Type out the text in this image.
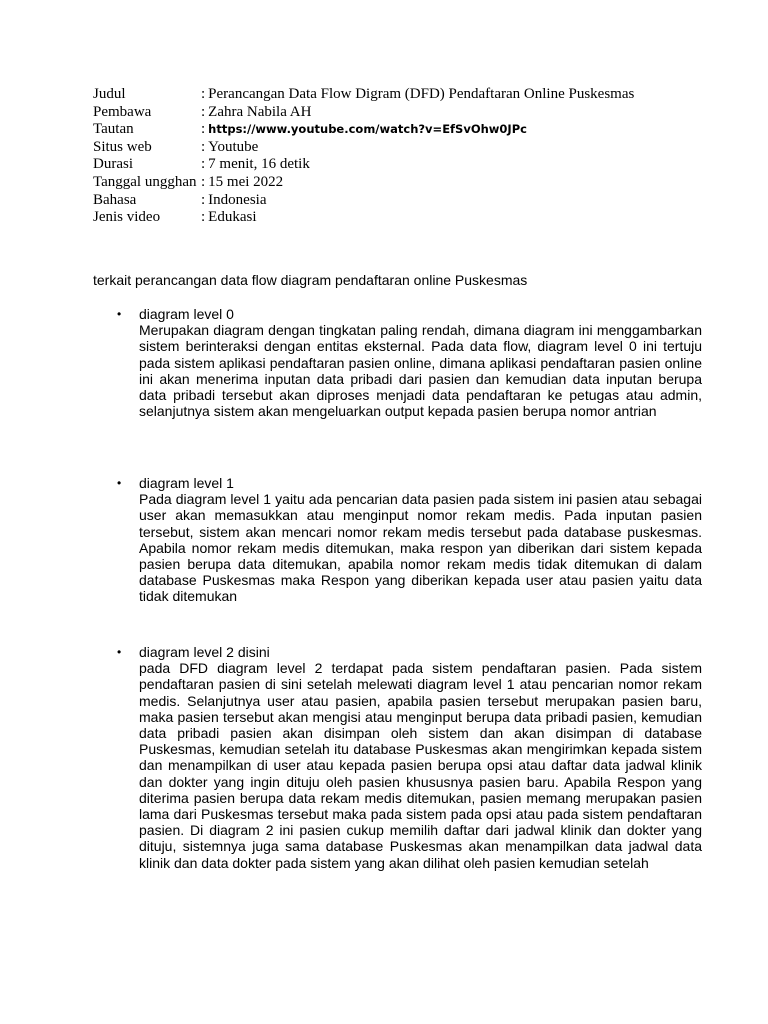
Judul	: Perancangan Data Flow Digram (DFD) Pendaftaran Online Puskesmas
Pembawa	: Zahra Nabila AH
Tautan	: https://www.youtube.com/watch?v=EfSvOhw0JPc
Situs web	: Youtube
Durasi	: 7 menit, 16 detik
Tanggal ungghan : 15 mei 2022
Bahasa	: Indonesia
Jenis video	: Edukasi
terkait perancangan data flow diagram pendaftaran online Puskesmas
• diagram level 0
Merupakan diagram dengan tingkatan paling rendah, dimana diagram ini menggambarkan sistem berinteraksi dengan entitas eksternal. Pada data flow, diagram level 0 ini tertuju pada sistem aplikasi pendaftaran pasien online, dimana aplikasi pendaftaran pasien online ini akan menerima inputan data pribadi dari pasien dan kemudian data inputan berupa data pribadi tersebut akan diproses menjadi data pendaftaran ke petugas atau admin, selanjutnya sistem akan mengeluarkan output kepada pasien berupa nomor antrian
• diagram level 1
Pada diagram level 1 yaitu ada pencarian data pasien pada sistem ini pasien atau sebagai user akan memasukkan atau menginput nomor rekam medis. Pada inputan pasien tersebut, sistem akan mencari nomor rekam medis tersebut pada database puskesmas. Apabila nomor rekam medis ditemukan, maka respon yan diberikan dari sistem kepada pasien berupa data ditemukan, apabila nomor rekam medis tidak ditemukan di dalam database Puskesmas maka Respon yang diberikan kepada user atau pasien yaitu data tidak ditemukan
• diagram level 2 disini
pada DFD diagram level 2 terdapat pada sistem pendaftaran pasien. Pada sistem pendaftaran pasien di sini setelah melewati diagram level 1 atau pencarian nomor rekam medis. Selanjutnya user atau pasien, apabila pasien tersebut merupakan pasien baru, maka pasien tersebut akan mengisi atau menginput berupa data pribadi pasien, kemudian data pribadi pasien akan disimpan oleh sistem dan akan disimpan di database Puskesmas, kemudian setelah itu database Puskesmas akan mengirimkan kepada sistem dan menampilkan di user atau kepada pasien berupa opsi atau daftar data jadwal klinik dan dokter yang ingin dituju oleh pasien khususnya pasien baru. Apabila Respon yang diterima pasien berupa data rekam medis ditemukan, pasien memang merupakan pasien lama dari Puskesmas tersebut maka pada sistem pada opsi atau pada sistem pendaftaran pasien. Di diagram 2 ini pasien cukup memilih daftar dari jadwal klinik dan dokter yang dituju, sistemnya juga sama database Puskesmas akan menampilkan data jadwal data klinik dan data dokter pada sistem yang akan dilihat oleh pasien kemudian setelah
